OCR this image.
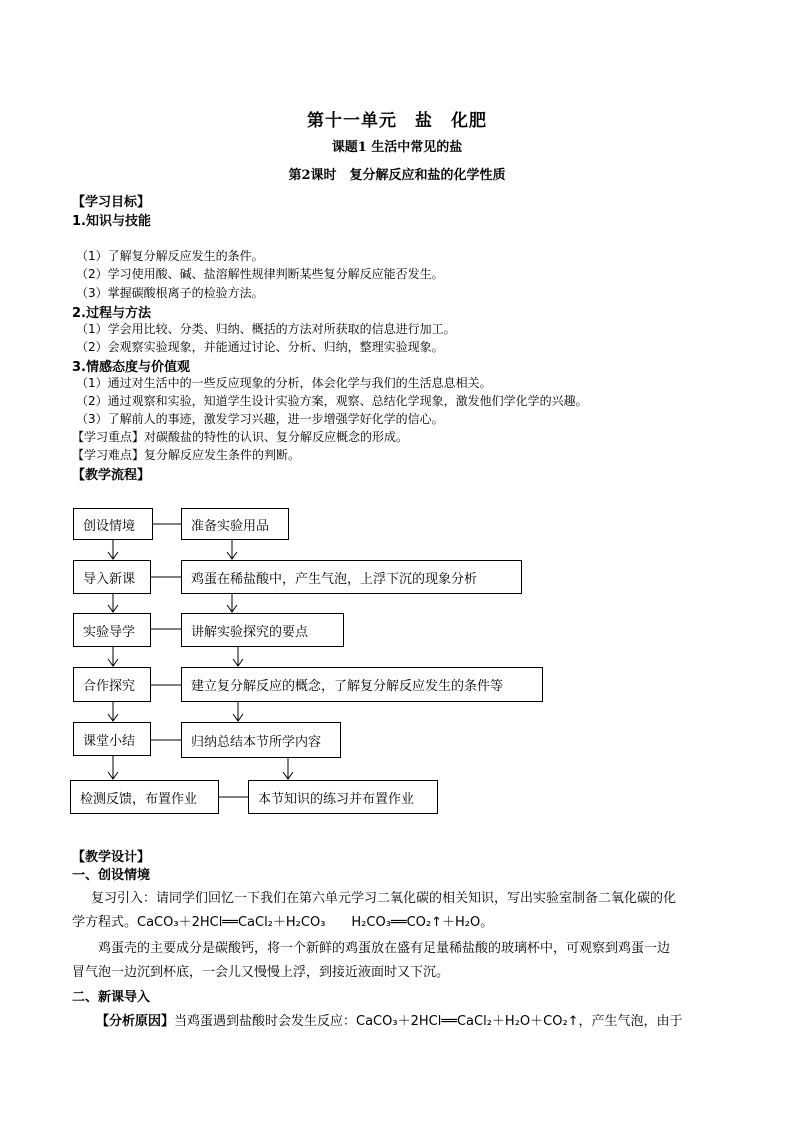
第十一单元　盐　化肥
课题1 生活中常见的盐
第2课时　复分解反应和盐的化学性质
【学习目标】
1.知识与技能
（1）了解复分解反应发生的条件。
（2）学习使用酸、碱、盐溶解性规律判断某些复分解反应能否发生。
（3）掌握碳酸根离子的检验方法。
2.过程与方法
（1）学会用比较、分类、归纳、概括的方法对所获取的信息进行加工。
（2）会观察实验现象，并能通过讨论、分析、归纳，整理实验现象。
3.情感态度与价值观
（1）通过对生活中的一些反应现象的分析，体会化学与我们的生活息息相关。
（2）通过观察和实验，知道学生设计实验方案，观察、总结化学现象，激发他们学化学的兴趣。
（3）了解前人的事迹，激发学习兴趣，进一步增强学好化学的信心。
【学习重点】对碳酸盐的特性的认识、复分解反应概念的形成。
【学习难点】复分解反应发生条件的判断。
【教学流程】
创设情境
导入新课
实验导学
合作探究
课堂小结
检测反馈，布置作业
准备实验用品
鸡蛋在稀盐酸中，产生气泡，上浮下沉的现象分析
讲解实验探究的要点
建立复分解反应的概念，了解复分解反应发生的条件等
归纳总结本节所学内容
本节知识的练习并布置作业
【教学设计】
一、创设情境
复习引入：请同学们回忆一下我们在第六单元学习二氧化碳的相关知识，写出实验室制备二氧化碳的化
学方程式。CaCO₃＋2HCl══CaCl₂＋H₂CO₃　　H₂CO₃══CO₂↑＋H₂O。
鸡蛋壳的主要成分是碳酸钙，将一个新鲜的鸡蛋放在盛有足量稀盐酸的玻璃杯中，可观察到鸡蛋一边
冒气泡一边沉到杯底，一会儿又慢慢上浮，到接近液面时又下沉。
二、新课导入
【分析原因】当鸡蛋遇到盐酸时会发生反应：CaCO₃＋2HCl══CaCl₂＋H₂O＋CO₂↑，产生气泡，由于
